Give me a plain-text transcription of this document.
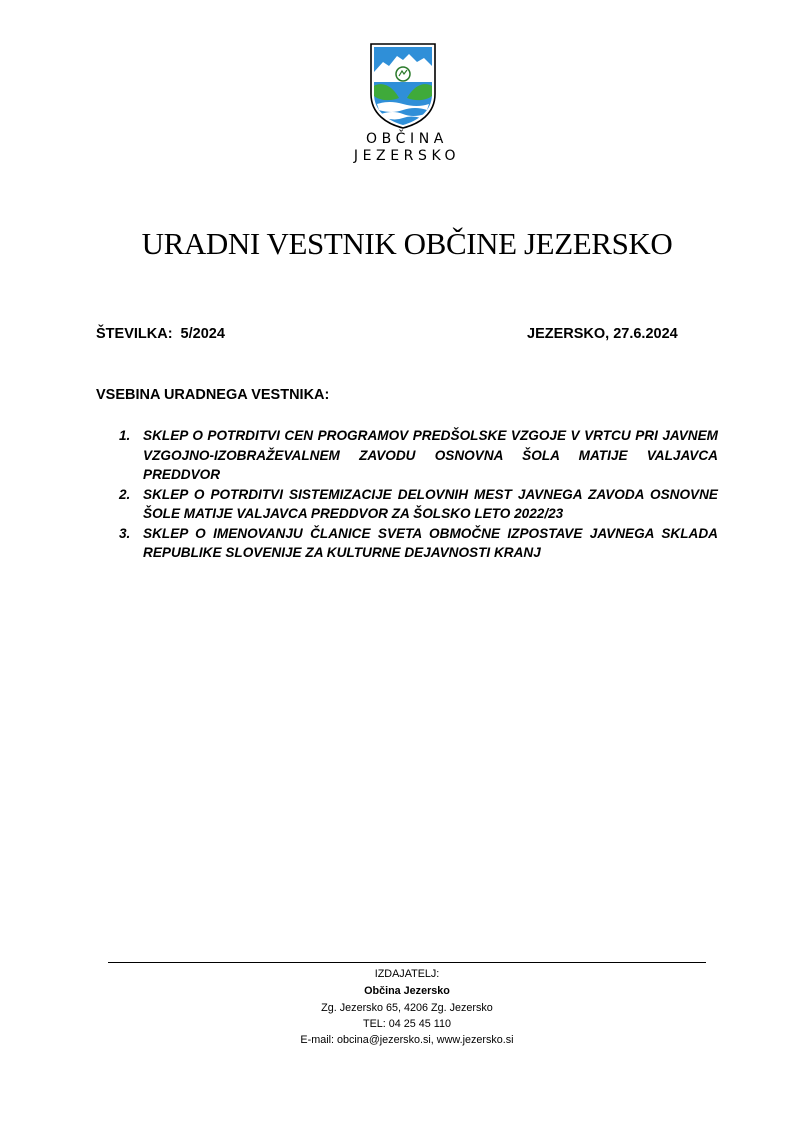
OBČINA
JEZERSKO
URADNI VESTNIK OBČINE JEZERSKO
ŠTEVILKA: 5/2024	JEZERSKO, 27.6.2024
VSEBINA URADNEGA VESTNIKA:
1. SKLEP O POTRDITVI CEN PROGRAMOV PREDŠOLSKE VZGOJE V VRTCU PRI JAVNEM VZGOJNO-IZOBRAŽEVALNEM ZAVODU OSNOVNA ŠOLA MATIJE VALJAVCA PREDDVOR
2. SKLEP O POTRDITVI SISTEMIZACIJE DELOVNIH MEST JAVNEGA ZAVODA OSNOVNE ŠOLE MATIJE VALJAVCA PREDDVOR ZA ŠOLSKO LETO 2022/23
3. SKLEP O IMENOVANJU ČLANICE SVETA OBMOČNE IZPOSTAVE JAVNEGA SKLADA REPUBLIKE SLOVENIJE ZA KULTURNE DEJAVNOSTI KRANJ
IZDAJATELJ:
Občina Jezersko
Zg. Jezersko 65, 4206 Zg. Jezersko
TEL: 04 25 45 110
E-mail: obcina@jezersko.si, www.jezersko.si
